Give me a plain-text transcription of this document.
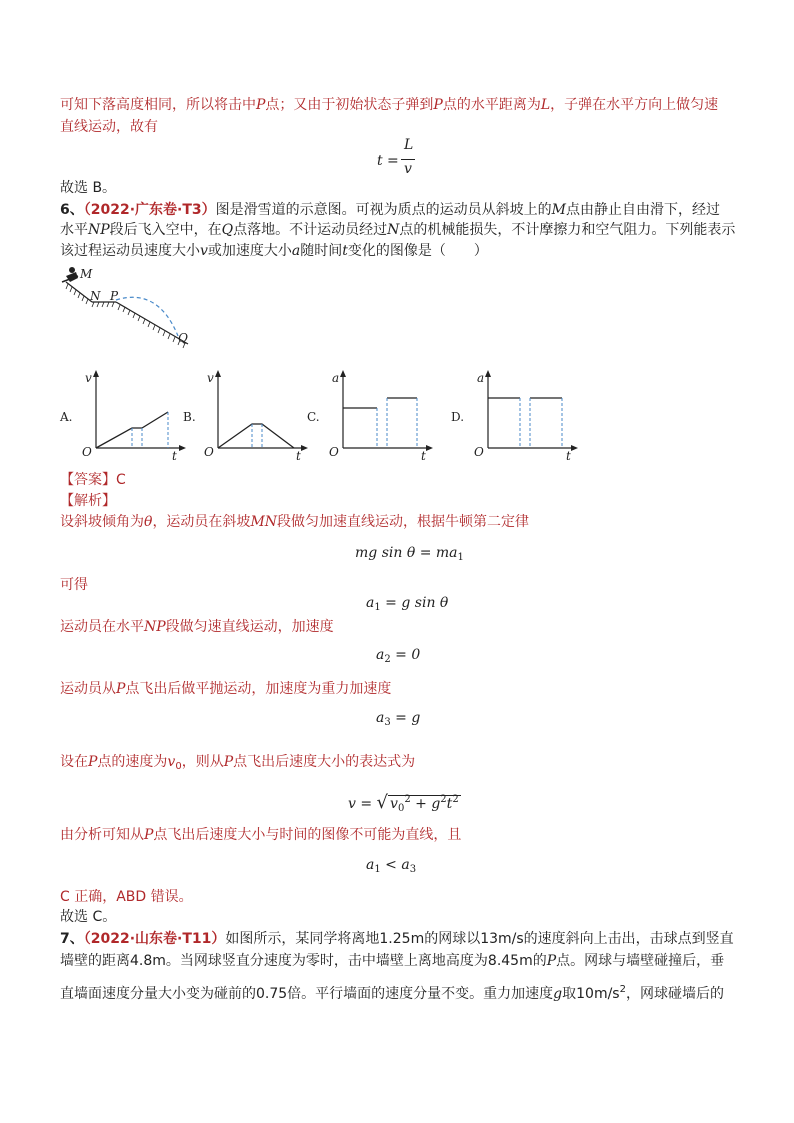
可知下落高度相同，所以将击中P点；又由于初始状态子弹到P点的水平距离为L，子弹在水平方向上做匀速
直线运动，故有
t =
L
v
故选 B。
6、（2022·广东卷·T3）图是滑雪道的示意图。可视为质点的运动员从斜坡上的M点由静止自由滑下，经过
水平NP段后飞入空中，在Q点落地。不计运动员经过N点的机械能损失，不计摩擦力和空气阻力。下列能表示
该过程运动员速度大小v或加速度大小a随时间t变化的图像是（　　）
M
N P
Q
A.	B.	C.	D.
v
t
O
v
t
O
a
t
O
a
t
O
【答案】C
【解析】
设斜坡倾角为θ，运动员在斜坡MN段做匀加速直线运动，根据牛顿第二定律
mg $\sin \theta = ma_1$
可得
$a_1 = g$ sin θ
运动员在水平NP段做匀速直线运动，加速度
$a_2 = 0$
运动员从P点飞出后做平抛运动，加速度为重力加速度
$a_3 = g$
设在P点的速度为$v_0$，则从P点飞出后速度大小的表达式为
v = √ $v_0^2 + g^2t^2$
由分析可知从P点飞出后速度大小与时间的图像不可能为直线，且
$a_1 < a_3$
C 正确，ABD 错误。
故选 C。
7、（2022·山东卷·T11）如图所示，某同学将离地1.25m的网球以13m/s的速度斜向上击出，击球点到竖直
墙壁的距离4.8m。当网球竖直分速度为零时，击中墙壁上离地高度为8.45m的P点。网球与墙壁碰撞后，垂
直墙面速度分量大小变为碰前的0.75倍。平行墙面的速度分量不变。重力加速度g取$10m/s^2$，网球碰墙后的
